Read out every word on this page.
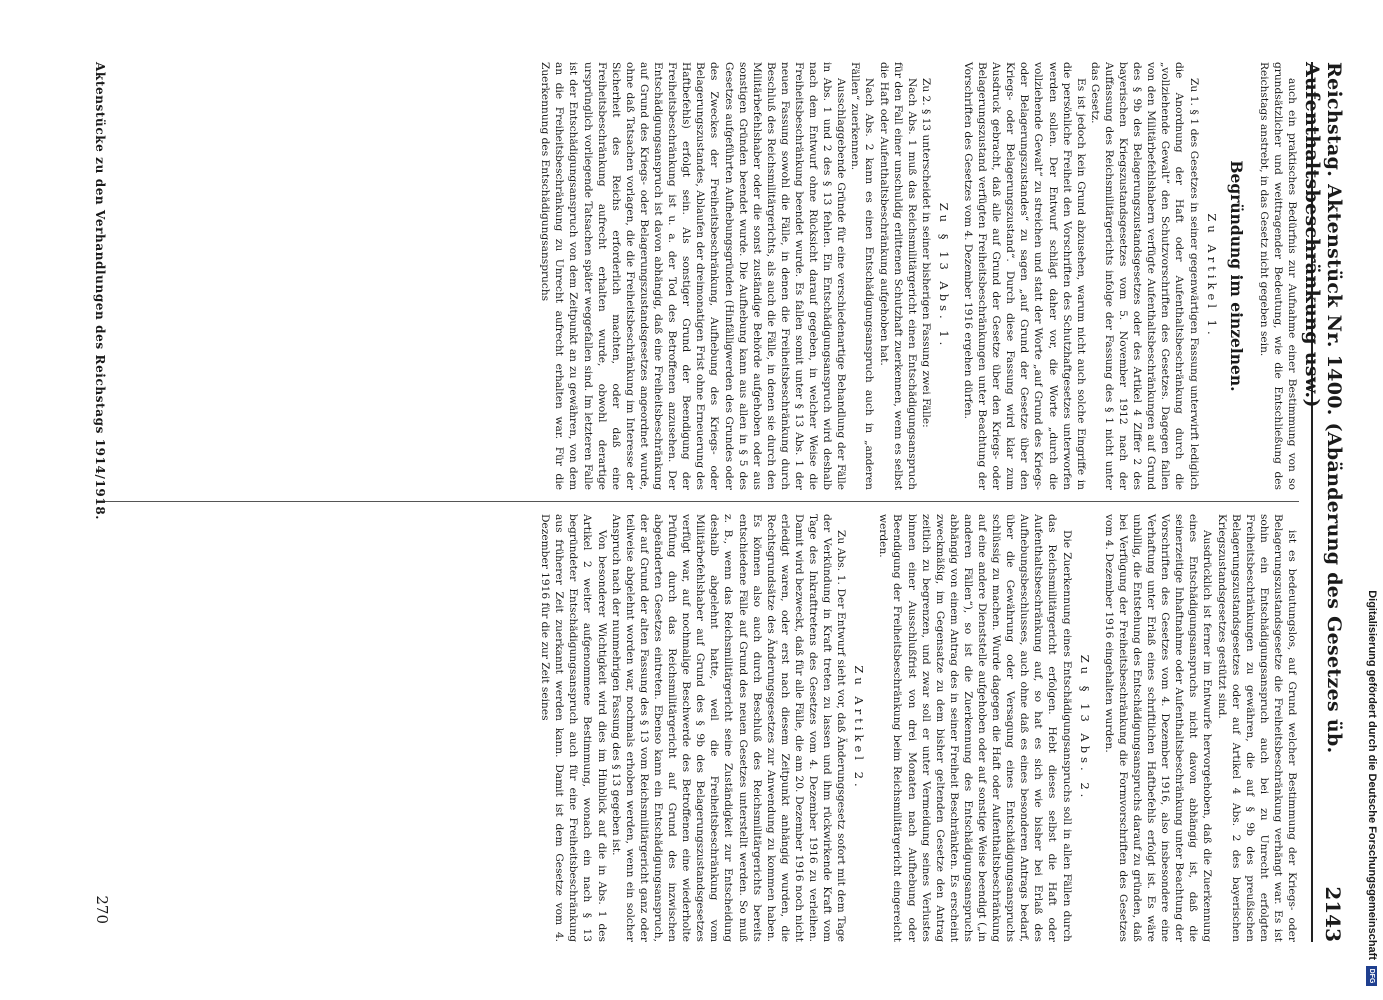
Reichstag. Aktenstück Nr. 1400. (Abänderung des Gesetzes üb. Aufenthaltsbeschränkung usw.)
2143

auch ein praktisches Bedürfnis zur Aufnahme einer Bestimmung von so grundsätzlicher und weittragender Bedeutung, wie die Entschließung des Reichstags anstrebt, in das Gesetz nicht gegeben sein.

Begründung im einzelnen.
Zu Artikel 1.

Zu 1. § 1 des Gesetzes in seiner gegenwärtigen Fassung unterwirft lediglich die Anordnung der Haft oder Aufenthaltsbeschränkung durch die „vollziehende Gewalt“ den Schutzvorschriften des Gesetzes. Dagegen fallen von den Militärbefehlshabern verfügte Aufenthaltsbeschränkungen auf Grund des § 9b des Belagerungszustandsgesetzes oder des Artikel 4 Ziffer 2 des bayerischen Kriegszustandsgesetzes vom 5. November 1912 nach der Auffassung des Reichsmilitärgerichts infolge der Fassung des § 1 nicht unter das Gesetz.

Es ist jedoch kein Grund abzusehen, warum nicht auch solche Eingriffe in die persönliche Freiheit den Vorschriften des Schutzhaftgesetzes unterworfen werden sollen. Der Entwurf schlägt daher vor, die Worte „durch die vollziehende Gewalt“ zu streichen und statt der Worte „auf Grund des Kriegs- oder Belagerungszustandes“ zu sagen „auf Grund der Gesetze über den Kriegs- oder Belagerungszustand“. Durch diese Fassung wird klar zum Ausdruck gebracht, daß alle auf Grund der Gesetze über den Kriegs- oder Belagerungszustand verfügten Freiheitsbeschränkungen unter Beachtung der Vorschriften des Gesetzes vom 4. Dezember 1916 ergehen dürfen.

Zu § 13 Abs. 1.

Zu 2. § 13 unterscheidet in seiner bisherigen Fassung zwei Fälle:

Nach Abs. 1 muß das Reichsmilitärgericht einen Entschädigungsanspruch für den Fall einer unschuldig erlittenen Schutzhaft zuerkennen, wenn es selbst die Haft oder Aufenthaltsbeschränkung aufgehoben hat.

Nach Abs. 2 kann es einen Entschädigungsanspruch auch in „anderen Fällen“ zuerkennen.

Ausschlaggebende Gründe für eine verschiedenartige Behandlung der Fälle in Abs. 1 und 2 des § 13 fehlen. Ein Entschädigungsanspruch wird deshalb nach dem Entwurf ohne Rücksicht darauf gegeben, in welcher Weise die Freiheitsbeschränkung beendet wurde. Es fallen somit unter § 13 Abs. 1 der neuen Fassung sowohl die Fälle, in denen die Freiheitsbeschränkung durch Beschluß des Reichsmilitärgerichts, als auch die Fälle, in denen sie durch den Militärbefehlshaber oder die sonst zuständige Behörde aufgehoben oder aus sonstigen Gründen beendet wurde. Die Aufhebung kann aus allen in § 5 des Gesetzes aufgeführten Aufhebungsgründen (Hinfälligwerden des Grundes oder des Zweckes der Freiheitsbeschränkung, Aufhebung des Kriegs- oder Belagerungszustandes, Ablaufen der dreimonatigen Frist ohne Erneuerung des Haftbefehls) erfolgt sein. Als sonstiger Grund der Beendigung der Freiheitsbeschränkung ist u. a. der Tod des Betroffenen anzusehen. Der Entschädigungsanspruch ist davon abhängig, daß eine Freiheitsbeschränkung auf Grund des Kriegs- oder Belagerungszustandsgesetzes angeordnet wurde, ohne daß Tatsachen vorlagen, die die Freiheitsbeschränkung im Interesse der Sicherheit des Reichs erforderlich machten, oder daß eine Freiheitsbeschränkung aufrecht erhalten wurde, obwohl derartige ursprünglich vorliegende Tatsachen später weggefallen sind. Im letzteren Falle ist der Entschädigungsanspruch von dem Zeitpunkt an zu gewähren, von dem an die Freiheitsbeschränkung zu Unrecht aufrecht erhalten war. Für die Zuerkennung des Entschädigungsanspruchs

ist es bedeutungslos, auf Grund welcher Bestimmung der Kriegs- oder Belagerungszustandsgesetze die Freiheitsbeschränkung verhängt war. Es ist sohin ein Entschädigungsanspruch auch bei zu Unrecht erfolgten Freiheitsbeschränkungen zu gewähren, die auf § 9b des preußischen Belagerungszustandsgesetzes oder auf Artikel 4 Abs. 2 des bayerischen Kriegszustandsgesetzes gestützt sind.

Ausdrücklich ist ferner im Entwurfe hervorgehoben, daß die Zuerkennung eines Entschädigungsanspruchs nicht davon abhängig ist, daß die seinerzeitige Inhaftnahme oder Aufenthaltsbeschränkung unter Beachtung der Vorschriften des Gesetzes vom 4. Dezember 1916, also insbesondere eine Verhaftung unter Erlaß eines schriftlichen Haftbefehls erfolgt ist. Es wäre unbillig, die Entstehung des Entschädigungsanspruchs darauf zu gründen, daß bei Verfügung der Freiheitsbeschränkung die Formvorschriften des Gesetzes vom 4. Dezember 1916 eingehalten wurden.

Zu § 13 Abs. 2.

Die Zuerkennung eines Entschädigungsanspruchs soll in allen Fällen durch das Reichsmilitärgericht erfolgen. Hebt dieses selbst die Haft oder Aufenthaltsbeschränkung auf, so hat es sich wie bisher bei Erlaß des Aufhebungsbeschlusses, auch ohne daß es eines besonderen Antrags bedarf, über die Gewährung oder Versagung eines Entschädigungsanspruchs schlüssig zu machen. Wurde dagegen die Haft oder Aufenthaltsbeschränkung auf eine andere Dienststelle aufgehoben oder auf sonstige Weise beendigt („in anderen Fällen“), so ist die Zuerkennung des Entschädigungsanspruchs abhängig von einem Antrag des in seiner Freiheit Beschränkten. Es erscheint zweckmäßig, im Gegensatze zu dem bisher geltenden Gesetze den Antrag zeitlich zu begrenzen, und zwar soll er unter Vermeidung seines Verlustes binnen einer Ausschlußfrist von drei Monaten nach Aufhebung oder Beendigung der Freiheitsbeschränkung beim Reichsmilitärgericht eingereicht werden.

Zu Artikel 2.

Zu Abs. 1. Der Entwurf sieht vor, daß Änderungsgesetz sofort mit dem Tage der Verkündung in Kraft treten zu lassen und ihm rückwirkende Kraft vom Tage des Inkrafttretens des Gesetzes vom 4. Dezember 1916 zu verleihen. Damit wird bezweckt, daß für alle Fälle, die am 20. Dezember 1916 noch nicht erledigt waren, oder erst nach diesem Zeitpunkt anhängig wurden, die Rechtsgrundsätze des Änderungsgesetzes zur Anwendung zu kommen haben. Es können also auch durch Beschluß des Reichsmilitärgerichts bereits entschiedene Fälle auf Grund des neuen Gesetzes unterstellt werden. So muß z. B., wenn das Reichsmilitärgericht seine Zuständigkeit zur Entscheidung deshalb abgelehnt hatte, weil die Freiheitsbeschränkung vom Militärbefehlshaber auf Grund des § 9b des Belagerungszustandsgesetzes verfügt war, auf nochmalige Beschwerde des Betroffenen eine wiederholte Prüfung durch das Reichsmilitärgericht auf Grund des inzwischen abgeänderten Gesetzes eintreten. Ebenso kann ein Entschädigungsanspruch, der auf Grund der alten Fassung des § 13 vom Reichsmilitärgericht ganz oder teilweise abgelehnt worden war, nochmals erhoben werden, wenn ein solcher Anspruch nach der nunmehrigen Fassung des § 13 gegeben ist.

Von besonderer Wichtigkeit wird dies im Hinblick auf die in Abs. 1 des Artikel 2 weiter aufgenommene Bestimmung, wonach ein nach § 13 begründeter Entschädigungsanspruch auch für eine Freiheitsbeschränkung aus früherer Zeit zuerkannt werden kann. Damit ist dem Gesetze vom 4. Dezember 1916 für die zur Zeit seines

Aktenstücke zu den Verhandlungen des Reichstags 1914/1918.
270	Digitalisierung gefördert durch die Deutsche Forschungsgemeinschaft
DFG
